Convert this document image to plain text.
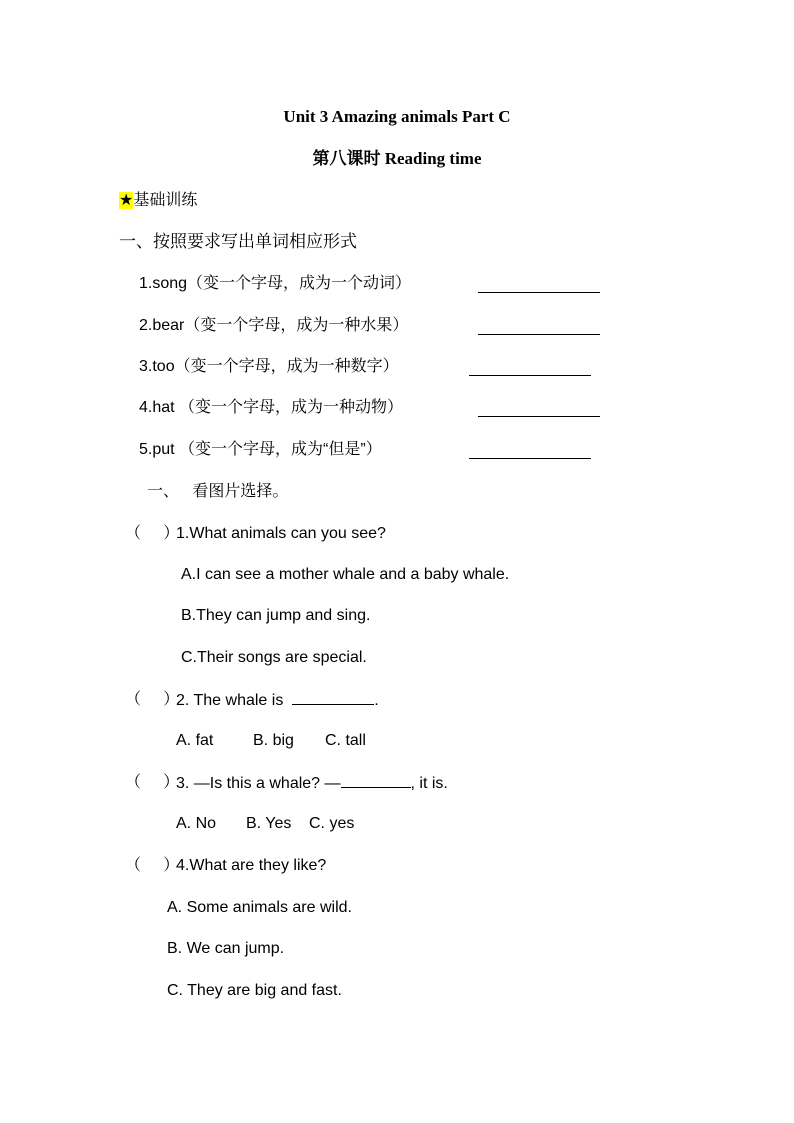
Unit 3 Amazing animals Part C
第八课时 Reading time
★基础训练
一、按照要求写出单词相应形式
1.song（变一个字母，成为一个动词）
2.bear（变一个字母，成为一种水果）
3.too（变一个字母，成为一种数字）
4.hat （变一个字母，成为一种动物）
5.put （变一个字母，成为“但是”）
一、   看图片选择。
（     ）
1.What animals can you see?
A.I can see a mother whale and a baby whale.
B.They can jump and sing.
C.Their songs are special.
（     ）
2. The whale is	.
A. fat B. big C. tall
（     ）
3. —Is this a whale? —	, it is.
A. No B. Yes C. yes
（     ）
4.What are they like?
A. Some animals are wild.
B. We can jump.
C. They are big and fast.
